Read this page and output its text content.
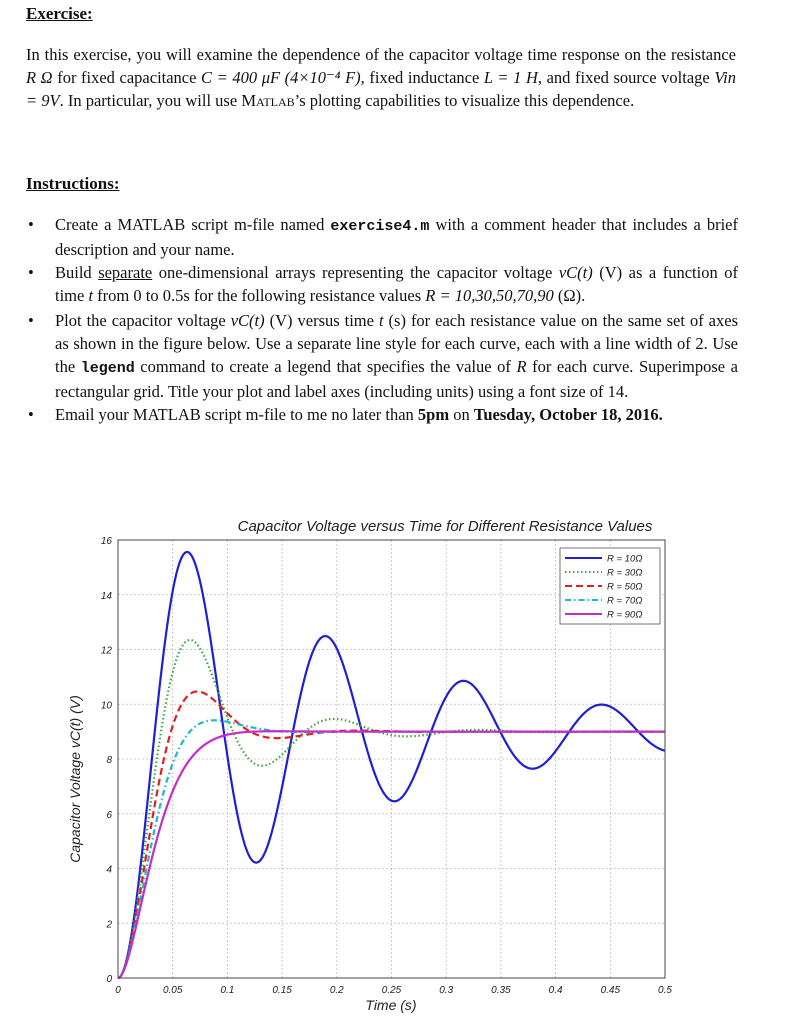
Exercise:

In this exercise, you will examine the dependence of the capacitor voltage time response on the resistance R Ω for fixed capacitance C = 400 μF (4×10⁻⁴ F), fixed inductance L = 1 H, and fixed source voltage Vin = 9V. In particular, you will use Matlab’s plotting capabilities to visualize this dependence.

Instructions:
• Create a MATLAB script m-file named exercise4.m with a comment header that includes a brief description and your name.
• Build separate one-dimensional arrays representing the capacitor voltage vC(t) (V) as a function of time t from 0 to 0.5s for the following resistance values R = 10,30,50,70,90 (Ω).
• Plot the capacitor voltage vC(t) (V) versus time t (s) for each resistance value on the same set of axes as shown in the figure below. Use a separate line style for each curve, each with a line width of 2. Use the legend command to create a legend that specifies the value of R for each curve. Superimpose a rectangular grid. Title your plot and label axes (including units) using a font size of 14.
• Email your MATLAB script m-file to me no later than 5pm on Tuesday, October 18, 2016.
Capacitor Voltage versus Time for Different Resistance Values
0	0.05	0.1	0.15	0.2	0.25	0.3	0.35	0.4	0.45	0.5
0
2
4
6
8
10
12
14
16
Time (s)
Capacitor Voltage vC(t) (V)
R = 10Ω
R = 30Ω
R = 50Ω
R = 70Ω
R = 90Ω
